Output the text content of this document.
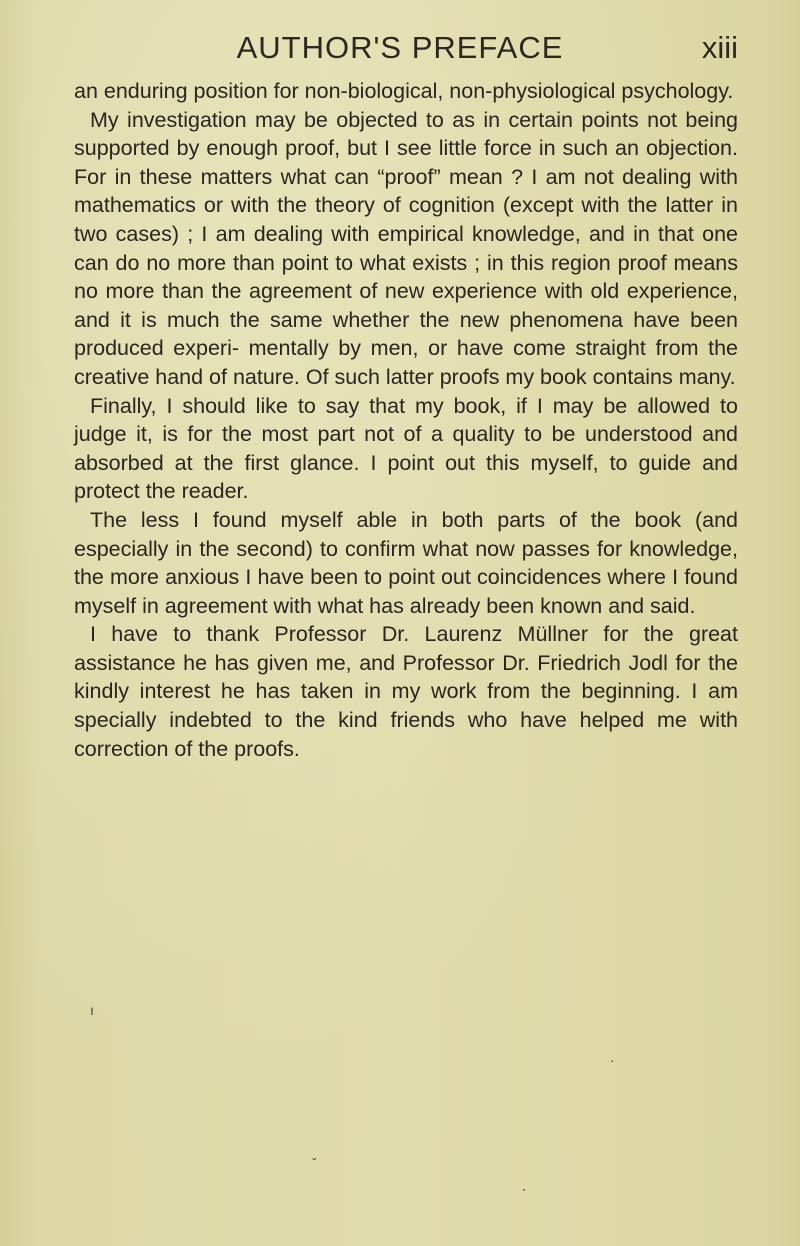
AUTHOR'S PREFACE	xiii

an enduring position for non-biological, non-physiological psychology.

My investigation may be objected to as in certain points not being supported by enough proof, but I see little force in such an objection. For in these matters what can “proof” mean ? I am not dealing with mathematics or with the theory of cognition (except with the latter in two cases) ; I am dealing with empirical knowledge, and in that one can do no more than point to what exists ; in this region proof means no more than the agreement of new experience with old experience, and it is much the same whether the new phenomena have been produced experi- mentally by men, or have come straight from the creative hand of nature. Of such latter proofs my book contains many.

Finally, I should like to say that my book, if I may be allowed to judge it, is for the most part not of a quality to be understood and absorbed at the first glance. I point out this myself, to guide and protect the reader.

The less I found myself able in both parts of the book (and especially in the second) to confirm what now passes for knowledge, the more anxious I have been to point out coincidences where I found myself in agreement with what has already been known and said.

I have to thank Professor Dr. Laurenz Müllner for the great assistance he has given me, and Professor Dr. Friedrich Jodl for the kindly interest he has taken in my work from the beginning. I am specially indebted to the kind friends who have helped me with correction of the proofs.

ı
·
ˇ
ˎ
